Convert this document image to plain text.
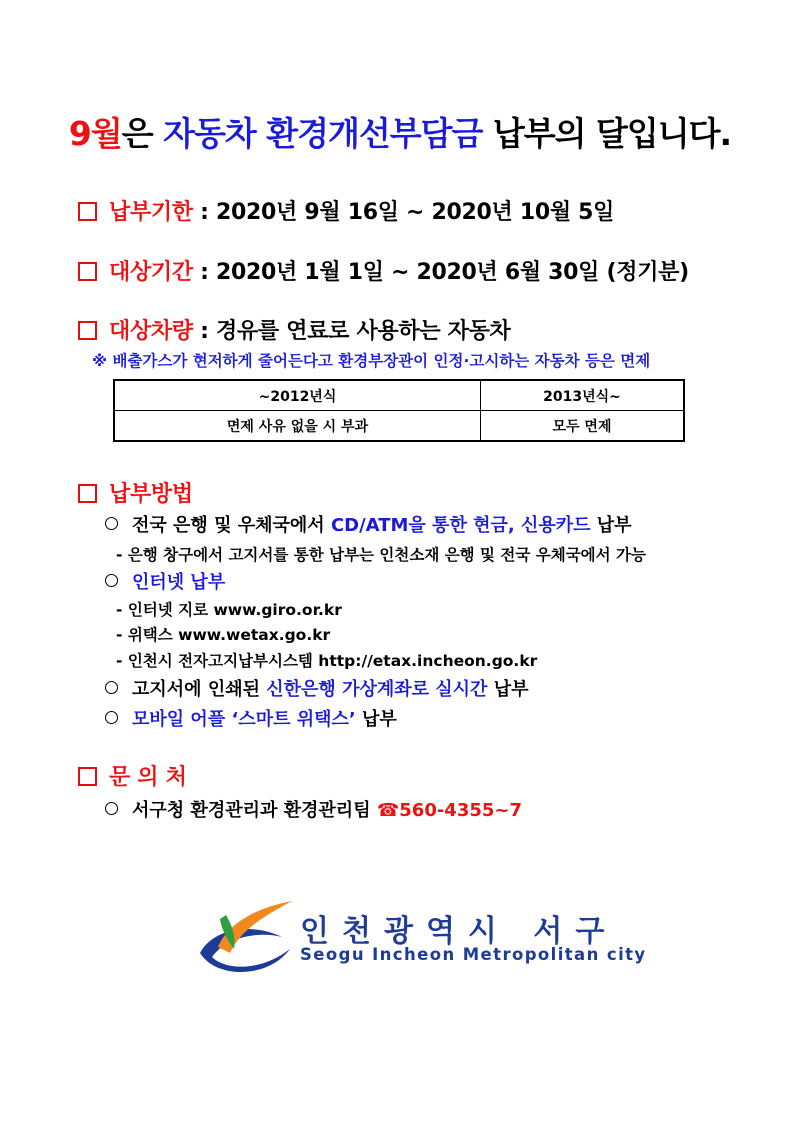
9월은 자동차 환경개선부담금 납부의 달입니다.
납부기한 : 2020년 9월 16일 ~ 2020년 10월 5일
대상기간 : 2020년 1월 1일 ~ 2020년 6월 30일 (정기분)
대상차량 : 경유를 연료로 사용하는 자동차
※ 배출가스가 현저하게 줄어든다고 환경부장관이 인정·고시하는 자동차 등은 면제
~2012년식	2013년식~
면제 사유 없을 시 부과	모두 면제
납부방법
전국 은행 및 우체국에서 CD/ATM을 통한 현금, 신용카드 납부
- 은행 창구에서 고지서를 통한 납부는 인천소재 은행 및 전국 우체국에서 가능
인터넷 납부
- 인터넷 지로 www.giro.or.kr
- 위택스 www.wetax.go.kr
- 인천시 전자고지납부시스템 http://etax.incheon.go.kr
고지서에 인쇄된 신한은행 가상계좌로 실시간 납부
모바일 어플 ‘스마트 위택스’ 납부
문 의 처
서구청 환경관리과 환경관리팀 ☎560-4355~7
인천광역시 서구
Seogu Incheon Metropolitan city
